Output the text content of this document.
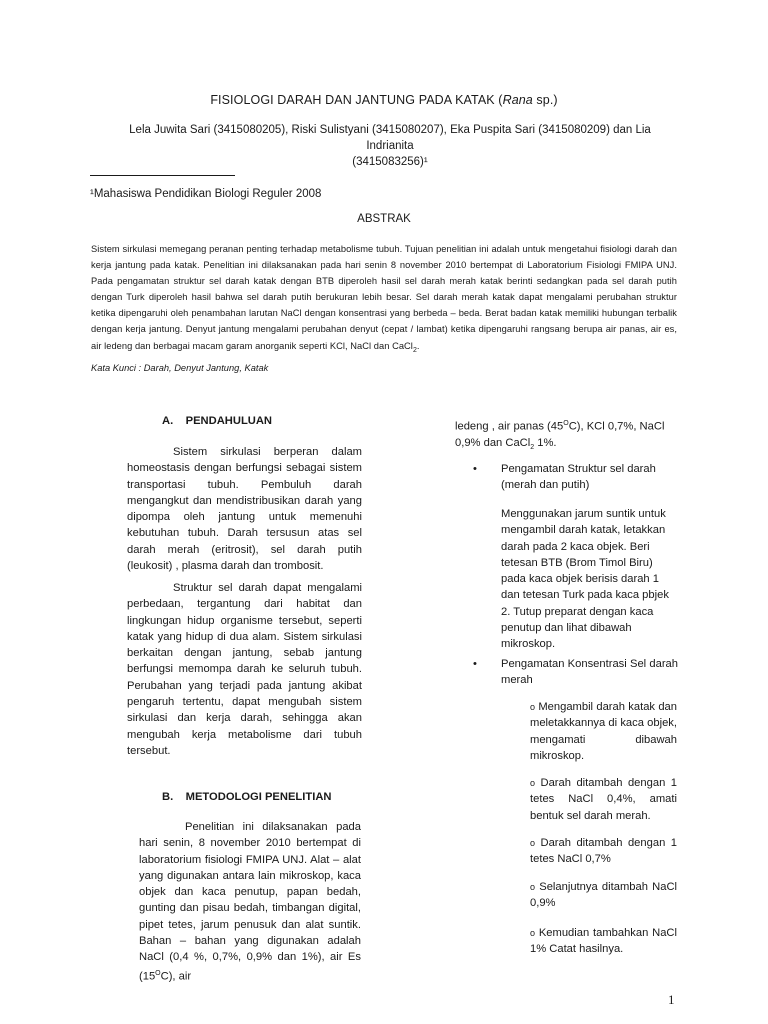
FISIOLOGI DARAH DAN JANTUNG PADA KATAK (Rana sp.)
Lela Juwita Sari (3415080205), Riski Sulistyani (3415080207), Eka Puspita Sari (3415080209) dan Lia Indrianita
(3415083256)¹
¹Mahasiswa Pendidikan Biologi Reguler 2008
ABSTRAK
Sistem sirkulasi memegang peranan penting terhadap metabolisme tubuh. Tujuan penelitian ini adalah untuk mengetahui fisiologi darah dan kerja jantung pada katak. Penelitian ini dilaksanakan pada hari senin 8 november 2010 bertempat di Laboratorium Fisiologi FMIPA UNJ. Pada pengamatan struktur sel darah katak dengan BTB diperoleh hasil sel darah merah katak berinti sedangkan pada sel darah putih dengan Turk diperoleh hasil bahwa sel darah putih berukuran lebih besar. Sel darah merah katak dapat mengalami perubahan struktur ketika dipengaruhi oleh penambahan larutan NaCl dengan konsentrasi yang berbeda – beda. Berat badan katak memiliki hubungan terbalik dengan kerja jantung. Denyut jantung mengalami perubahan denyut (cepat / lambat) ketika dipengaruhi rangsang berupa air panas, air es, air ledeng dan berbagai macam garam anorganik seperti KCl, NaCl dan CaCl$_2$.
Kata Kunci : Darah, Denyut Jantung, Katak
A.    PENDAHULUAN
Sistem sirkulasi berperan dalam homeostasis dengan berfungsi sebagai sistem transportasi tubuh. Pembuluh darah mengangkut dan mendistribusikan darah yang dipompa oleh jantung untuk memenuhi kebutuhan tubuh. Darah tersusun atas sel darah merah (eritrosit), sel darah putih (leukosit) , plasma darah dan trombosit.
Struktur sel darah dapat mengalami perbedaan, tergantung dari habitat dan lingkungan hidup organisme tersebut, seperti katak yang hidup di dua alam. Sistem sirkulasi berkaitan dengan jantung, sebab jantung berfungsi memompa darah ke seluruh tubuh. Perubahan yang terjadi pada jantung akibat pengaruh tertentu, dapat mengubah sistem sirkulasi dan kerja darah, sehingga akan mengubah kerja metabolisme dari tubuh tersebut.
B.    METODOLOGI PENELITIAN
Penelitian ini dilaksanakan pada hari senin, 8 november 2010 bertempat di laboratorium fisiologi FMIPA UNJ. Alat – alat yang digunakan antara lain mikroskop, kaca objek dan kaca penutup, papan bedah, gunting dan pisau bedah, timbangan digital, pipet tetes, jarum penusuk dan alat suntik. Bahan – bahan yang digunakan adalah NaCl (0,4 %, 0,7%, 0,9% dan 1%), air Es $(15^OC)$, air
ledeng , air panas $(45^OC)$, KCl 0,7%, NaCl 0,9% dan CaCl$_2$ 1%.
•	Pengamatan Struktur sel darah (merah dan putih)
Menggunakan jarum suntik untuk mengambil darah katak, letakkan darah pada 2 kaca objek. Beri tetesan BTB (Brom Timol Biru) pada kaca objek berisis darah 1 dan tetesan Turk pada kaca pbjek 2. Tutup preparat dengan kaca penutup dan lihat dibawah mikroskop.
•	Pengamatan Konsentrasi Sel darah merah
o Mengambil darah katak dan meletakkannya di kaca objek, mengamati dibawah mikroskop.
o Darah ditambah dengan 1 tetes NaCl 0,4%, amati bentuk sel darah merah.
o Darah ditambah dengan 1 tetes NaCl 0,7%
o Selanjutnya ditambah NaCl 0,9%
o Kemudian tambahkan NaCl 1% Catat hasilnya.
1
